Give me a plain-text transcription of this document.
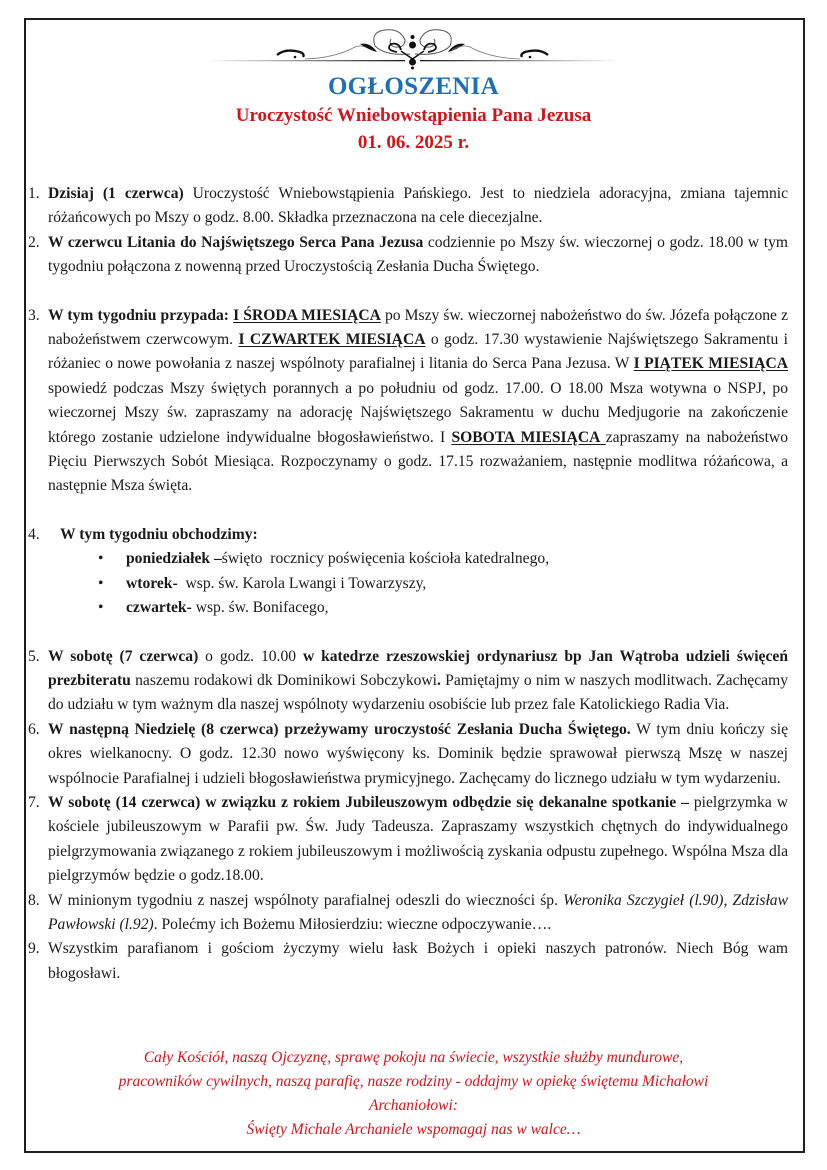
OGŁOSZENIA
Uroczystość Wniebowstąpienia Pana Jezusa
01. 06. 2025 r.
1. Dzisiaj (1 czerwca) Uroczystość Wniebowstąpienia Pańskiego. Jest to niedziela adoracyjna, zmiana tajemnic różańcowych po Mszy o godz. 8.00. Składka przeznaczona na cele diecezjalne.

2. W czerwcu Litania do Najświętszego Serca Pana Jezusa codziennie po Mszy św. wieczornej o godz. 18.00 w tym tygodniu połączona z nowenną przed Uroczystością Zesłania Ducha Świętego.

3. W tym tygodniu przypada: I ŚRODA MIESIĄCA po Mszy św. wieczornej nabożeństwo do św. Józefa połączone z nabożeństwem czerwcowym. I CZWARTEK MIESIĄCA o godz. 17.30 wystawienie Najświętszego Sakramentu i różaniec o nowe powołania z naszej wspólnoty parafialnej i litania do Serca Pana Jezusa. W I PIĄTEK MIESIĄCA spowiedź podczas Mszy świętych porannych a po południu od godz. 17.00. O 18.00 Msza wotywna o NSPJ, po wieczornej Mszy św. zapraszamy na adorację Najświętszego Sakramentu w duchu Medjugorie na zakończenie którego zostanie udzielone indywidualne błogosławieństwo. I SOBOTA MIESIĄCA zapraszamy na nabożeństwo Pięciu Pierwszych Sobót Miesiąca. Rozpoczynamy o godz. 17.15 rozważaniem, następnie modlitwa różańcowa, a następnie Msza święta.

4.	W tym tygodniu obchodzimy:

• poniedziałek –święto  rocznicy poświęcenia kościoła katedralnego,
• wtorek-  wsp. św. Karola Lwangi i Towarzyszy,
• czwartek- wsp. św. Bonifacego,
5. W sobotę (7 czerwca) o godz. 10.00 w katedrze rzeszowskiej ordynariusz bp Jan Wątroba udzieli święceń prezbiteratu naszemu rodakowi dk Dominikowi Sobczykowi. Pamiętajmy o nim w naszych modlitwach. Zachęcamy do udziału w tym ważnym dla naszej wspólnoty wydarzeniu osobiście lub przez fale Katolickiego Radia Via.

6. W następną Niedzielę (8 czerwca) przeżywamy uroczystość Zesłania Ducha Świętego. W tym dniu kończy się okres wielkanocny. O godz. 12.30 nowo wyświęcony ks. Dominik będzie sprawował pierwszą Mszę w naszej wspólnocie Parafialnej i udzieli błogosławieństwa prymicyjnego. Zachęcamy do licznego udziału w tym wydarzeniu.

7. W sobotę (14 czerwca) w związku z rokiem Jubileuszowym odbędzie się dekanalne spotkanie – pielgrzymka w kościele jubileuszowym w Parafii pw. Św. Judy Tadeusza. Zapraszamy wszystkich chętnych do indywidualnego pielgrzymowania związanego z rokiem jubileuszowym i możliwością zyskania odpustu zupełnego. Wspólna Msza dla pielgrzymów będzie o godz.18.00.

8. W minionym tygodniu z naszej wspólnoty parafialnej odeszli do wieczności śp. Weronika Szczygieł (l.90), Zdzisław Pawłowski (l.92). Polećmy ich Bożemu Miłosierdziu: wieczne odpoczywanie….

9. Wszystkim parafianom i gościom życzymy wielu łask Bożych i opieki naszych patronów. Niech Bóg wam błogosławi.

Cały Kościół, naszą Ojczyznę, sprawę pokoju na świecie, wszystkie służby mundurowe,
pracowników cywilnych, naszą parafię, nasze rodziny - oddajmy w opiekę świętemu Michałowi
Archaniołowi:
Święty Michale Archaniele wspomagaj nas w walce…
